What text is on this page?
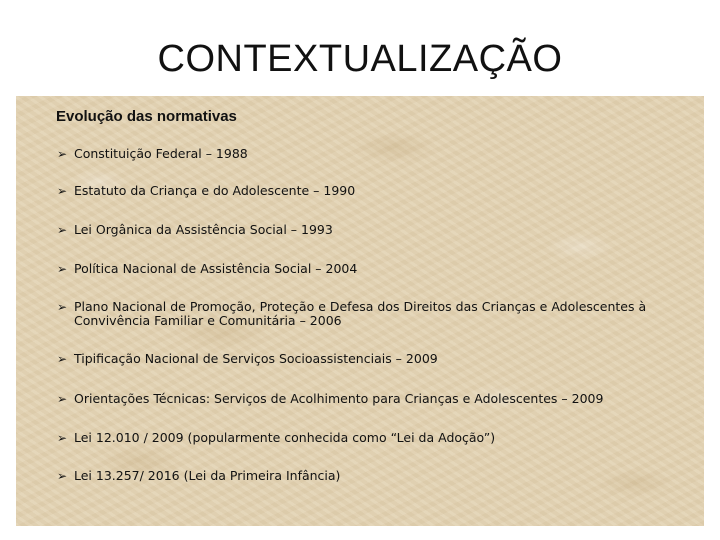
CONTEXTUALIZAÇÃO
Evolução das normativas
➢ Constituição Federal – 1988
➢ Estatuto da Criança e do Adolescente – 1990
➢ Lei Orgânica da Assistência Social – 1993
➢ Política Nacional de Assistência Social – 2004
➢ Plano Nacional de Promoção, Proteção e Defesa dos Direitos das Crianças e Adolescentes à Convivência Familiar e Comunitária – 2006
➢ Tipificação Nacional de Serviços Socioassistenciais – 2009
➢ Orientações Técnicas: Serviços de Acolhimento para Crianças e Adolescentes – 2009
➢ Lei 12.010 / 2009 (popularmente conhecida como “Lei da Adoção”)
➢ Lei 13.257/ 2016 (Lei da Primeira Infância)
